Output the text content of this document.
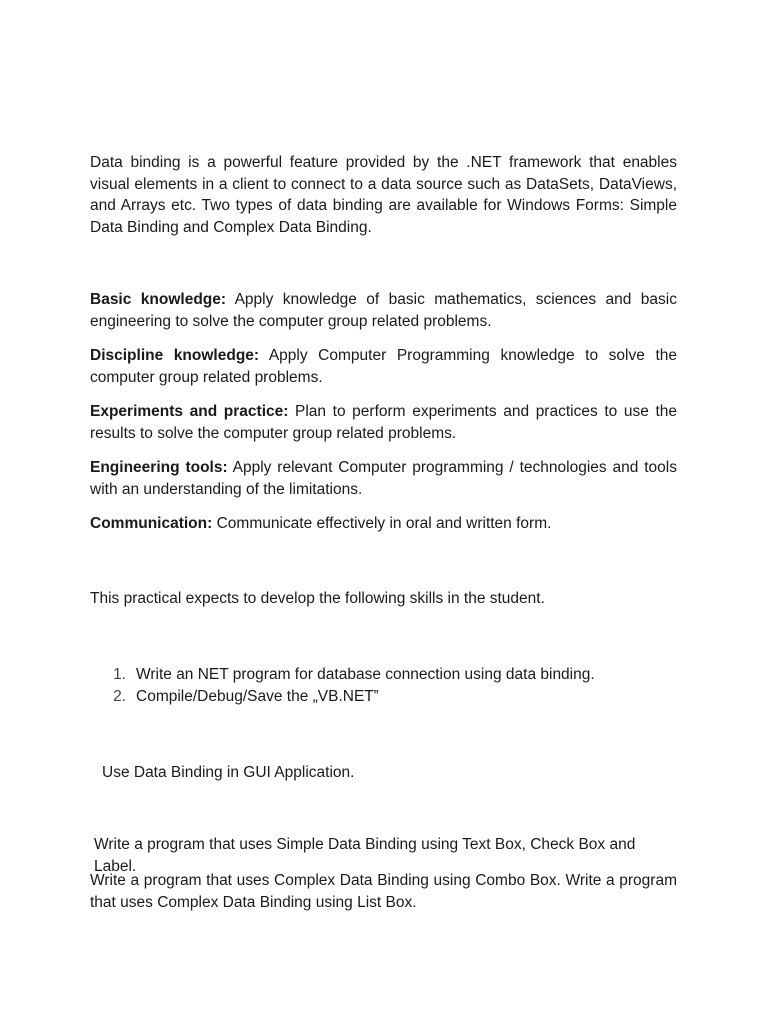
Data binding is a powerful feature provided by the .NET framework that enables visual elements in a client to connect to a data source such as DataSets, DataViews, and Arrays etc. Two types of data binding are available for Windows Forms: Simple Data Binding and Complex Data Binding.

Basic knowledge: Apply knowledge of basic mathematics, sciences and basic engineering to solve the computer group related problems.

Discipline knowledge: Apply Computer Programming knowledge to solve the computer group related problems.

Experiments and practice: Plan to perform experiments and practices to use the results to solve the computer group related problems.

Engineering tools: Apply relevant Computer programming / technologies and tools with an understanding of the limitations.

Communication: Communicate effectively in oral and written form.

This practical expects to develop the following skills in the student.

1. Write an NET program for database connection using data binding.
2. Compile/Debug/Save the „VB.NET‟

Use Data Binding in GUI Application.

Write a program that uses Simple Data Binding using Text Box, Check Box and Label.

Write a program that uses Complex Data Binding using Combo Box. Write a program that uses Complex Data Binding using List Box.
